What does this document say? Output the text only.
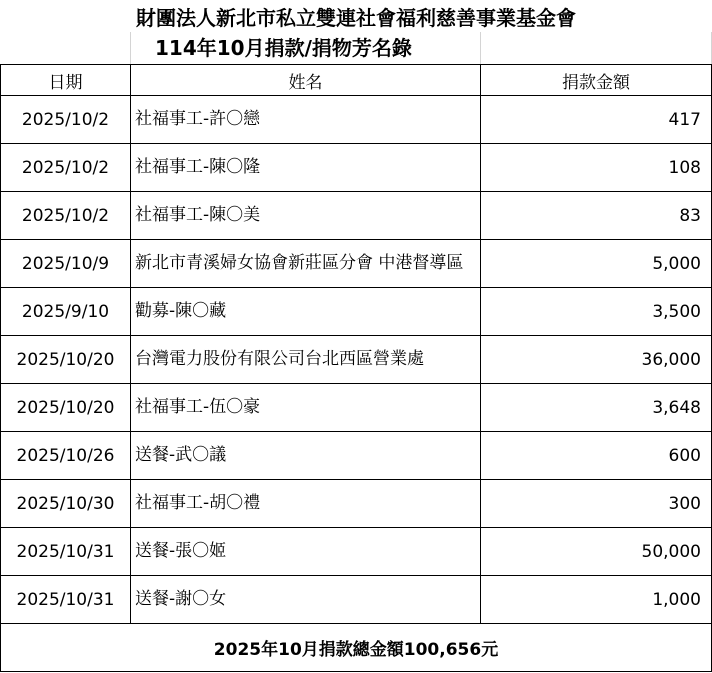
財團法人新北市私立雙連社會福利慈善事業基金會
114年10月捐款/捐物芳名錄
日期	姓名	捐款金額
2025/10/2	社福事工-許〇戀	417
2025/10/2	社福事工-陳〇隆	108
2025/10/2	社福事工-陳〇美	83
2025/10/9	新北市青溪婦女協會新莊區分會 中港督導區	5,000
2025/9/10	勸募-陳〇藏	3,500
2025/10/20	台灣電力股份有限公司台北西區營業處	36,000
2025/10/20	社福事工-伍〇豪	3,648
2025/10/26	送餐-武〇議	600
2025/10/30	社福事工-胡〇禮	300
2025/10/31	送餐-張〇姬	50,000
2025/10/31	送餐-謝〇女	1,000
2025年10月捐款總金額100,656元
